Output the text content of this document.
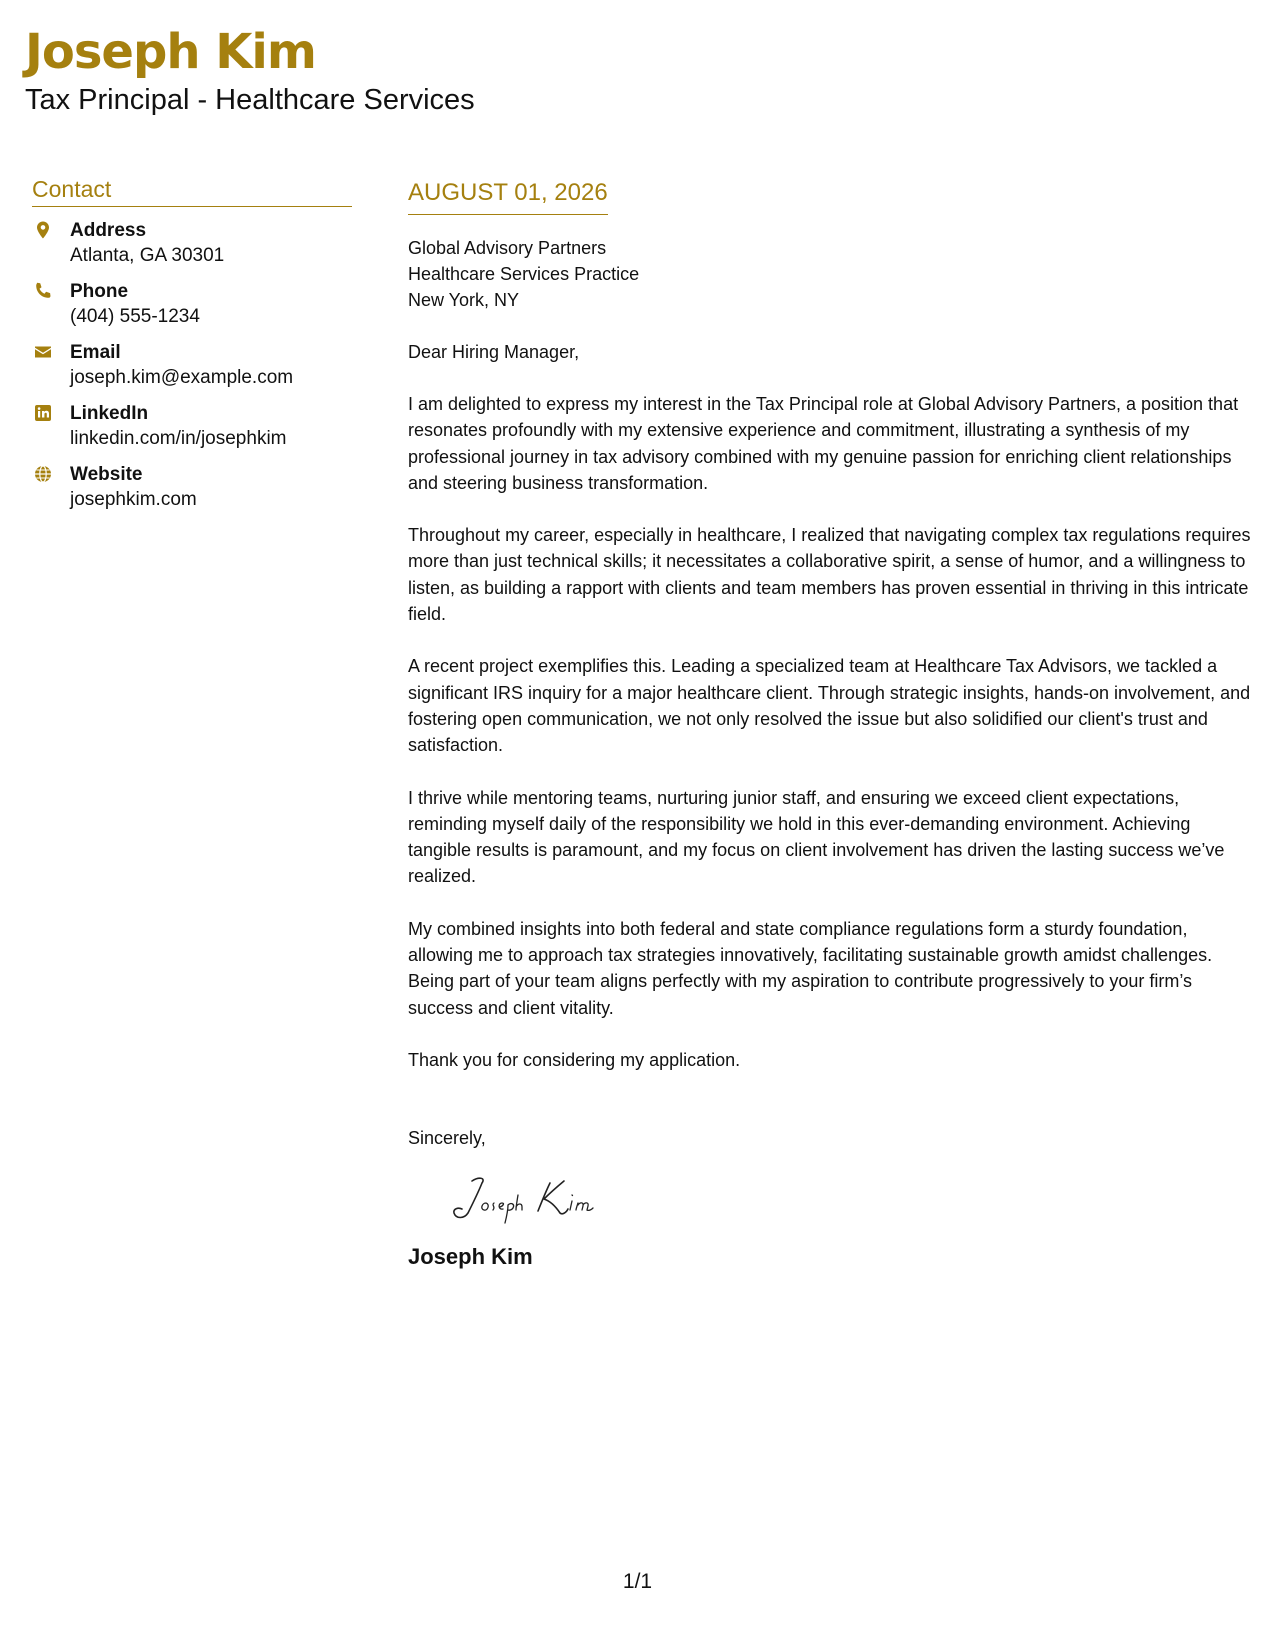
Joseph Kim
Tax Principal - Healthcare Services
Contact
Address
Atlanta, GA 30301
Phone
(404) 555-1234
Email
joseph.kim@example.com
LinkedIn
linkedin.com/in/josephkim
Website
josephkim.com
AUGUST 01, 2026
Global Advisory Partners
Healthcare Services Practice
New York, NY
Dear Hiring Manager,
I am delighted to express my interest in the Tax Principal role at Global Advisory Partners, a position that resonates profoundly with my extensive experience and commitment, illustrating a synthesis of my professional journey in tax advisory combined with my genuine passion for enriching client relationships and steering business transformation.
Throughout my career, especially in healthcare, I realized that navigating complex tax regulations requires more than just technical skills; it necessitates a collaborative spirit, a sense of humor, and a willingness to listen, as building a rapport with clients and team members has proven essential in thriving in this intricate field.
A recent project exemplifies this. Leading a specialized team at Healthcare Tax Advisors, we tackled a significant IRS inquiry for a major healthcare client. Through strategic insights, hands-on involvement, and fostering open communication, we not only resolved the issue but also solidified our client's trust and satisfaction.
I thrive while mentoring teams, nurturing junior staff, and ensuring we exceed client expectations, reminding myself daily of the responsibility we hold in this ever-demanding environment. Achieving tangible results is paramount, and my focus on client involvement has driven the lasting success we’ve realized.
My combined insights into both federal and state compliance regulations form a sturdy foundation, allowing me to approach tax strategies innovatively, facilitating sustainable growth amidst challenges. Being part of your team aligns perfectly with my aspiration to contribute progressively to your firm’s success and client vitality.
Thank you for considering my application.
Sincerely,
Joseph Kim
1/1
